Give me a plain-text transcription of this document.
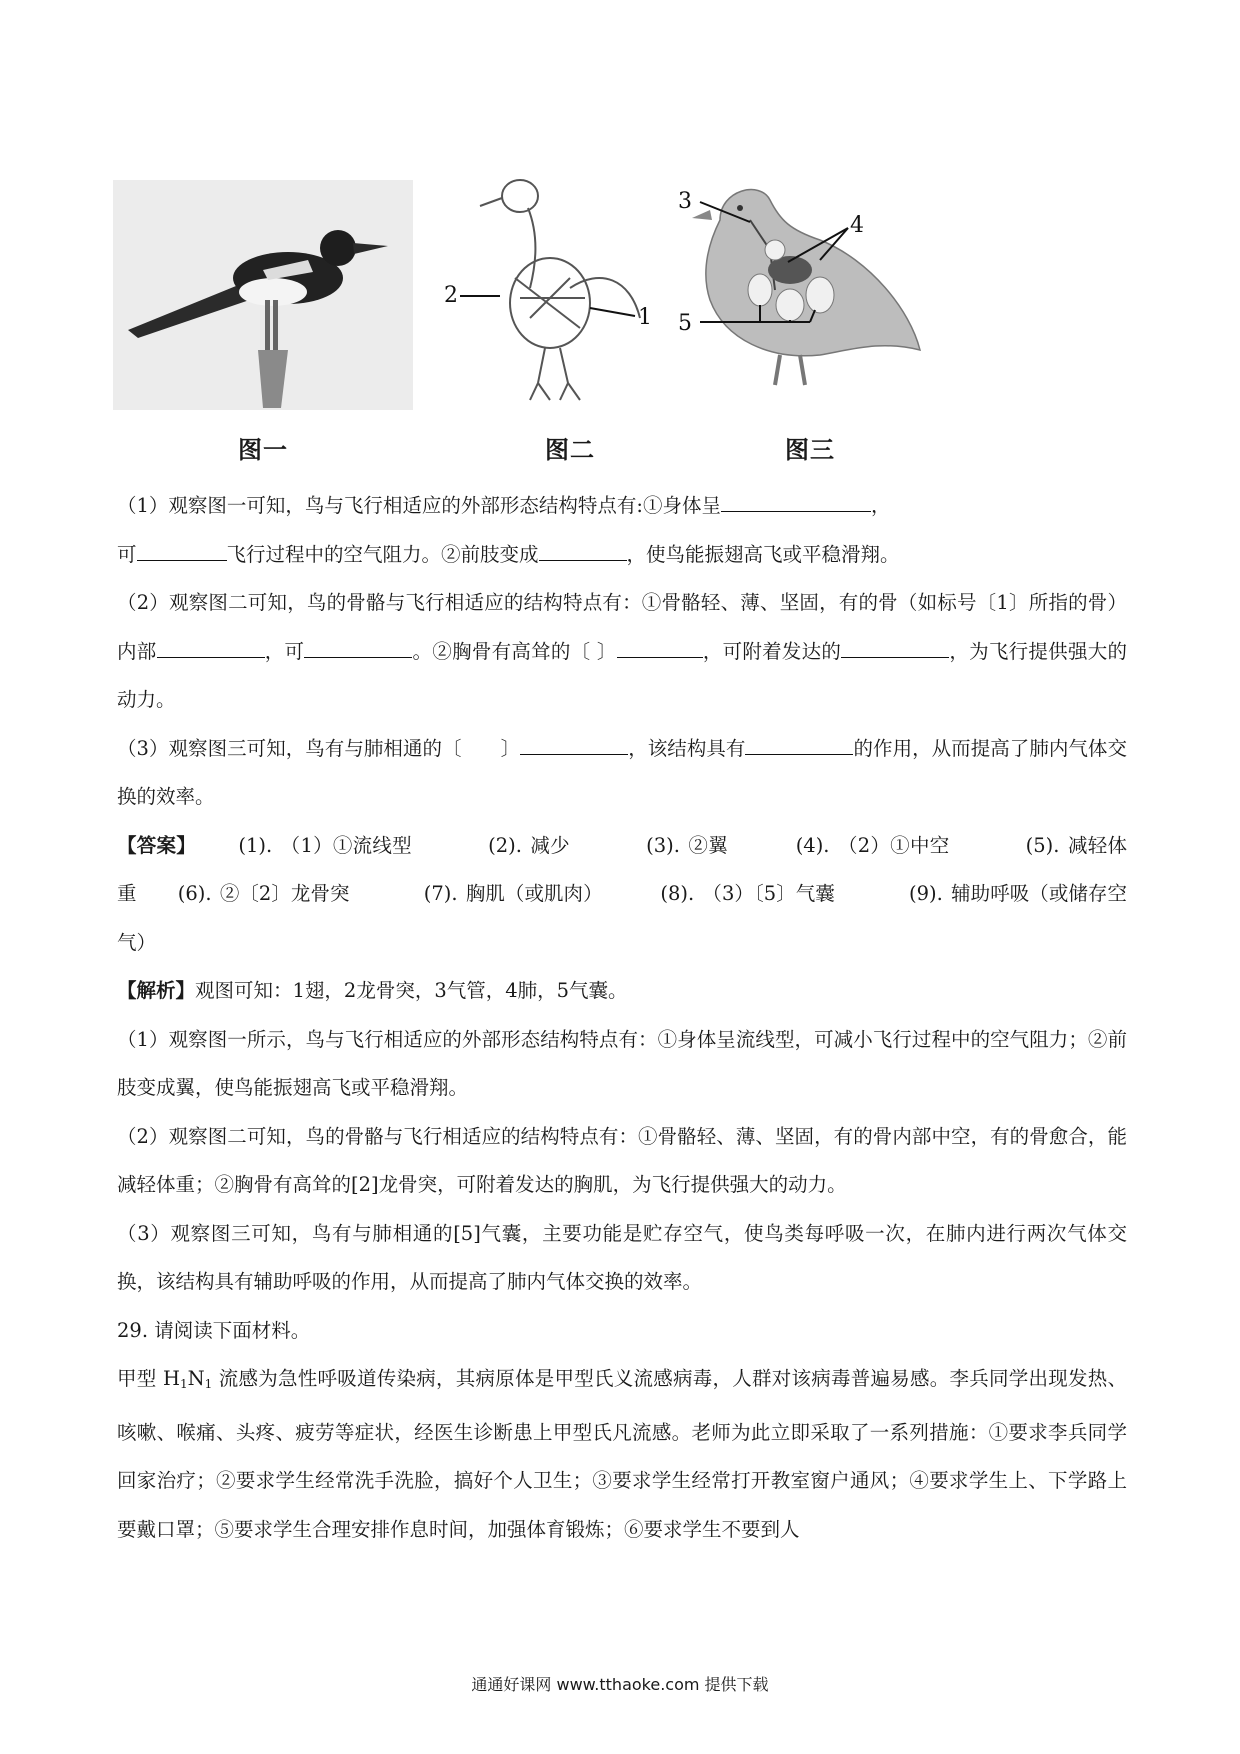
图一
1
2
图二
3
4
5
图三

（1）观察图一可知，鸟与飞行相适应的外部形态结构特点有:①身体呈	，
可	飞行过程中的空气阻力。②前肢变成	，使鸟能振翅高飞或平稳滑翔。

（2）观察图二可知，鸟的骨骼与飞行相适应的结构特点有：①骨骼轻、薄、坚固，有的骨（如标号〔1〕所指的骨）内部	，可	。②胸骨有高耸的〔 〕	，可附着发达的	，为飞行提供强大的动力。

（3）观察图三可知，鸟有与肺相通的〔　　〕	，该结构具有	的作用，从而提高了肺内气体交换的效率。

【答案】 (1). （1）①流线型	(2). 减少	(3). ②翼	(4). （2）①中空	(5). 减轻体重 (6). ②〔2〕龙骨突	(7). 胸肌（或肌肉）	(8). （3）〔5〕气囊	(9). 辅助呼吸（或储存空气）

【解析】观图可知：1翅，2龙骨突，3气管，4肺，5气囊。

（1）观察图一所示，鸟与飞行相适应的外部形态结构特点有：①身体呈流线型，可减小飞行过程中的空气阻力；②前肢变成翼，使鸟能振翅高飞或平稳滑翔。

（2）观察图二可知，鸟的骨骼与飞行相适应的结构特点有：①骨骼轻、薄、坚固，有的骨内部中空，有的骨愈合，能减轻体重；②胸骨有高耸的[2]龙骨突，可附着发达的胸肌，为飞行提供强大的动力。

（3）观察图三可知，鸟有与肺相通的[5]气囊，主要功能是贮存空气，使鸟类每呼吸一次，在肺内进行两次气体交换，该结构具有辅助呼吸的作用，从而提高了肺内气体交换的效率。

29. 请阅读下面材料。

甲型 $H_1N_1$ 流感为急性呼吸道传染病，其病原体是甲型氏义流感病毒，人群对该病毒普遍易感。李兵同学出现发热、咳嗽、喉痛、头疼、疲劳等症状，经医生诊断患上甲型氏凡流感。老师为此立即采取了一系列措施：①要求李兵同学回家治疗；②要求学生经常洗手洗脸，搞好个人卫生；③要求学生经常打开教室窗户通风；④要求学生上、下学路上要戴口罩；⑤要求学生合理安排作息时间，加强体育锻炼；⑥要求学生不要到人

通通好课网 www.tthaoke.com 提供下载
